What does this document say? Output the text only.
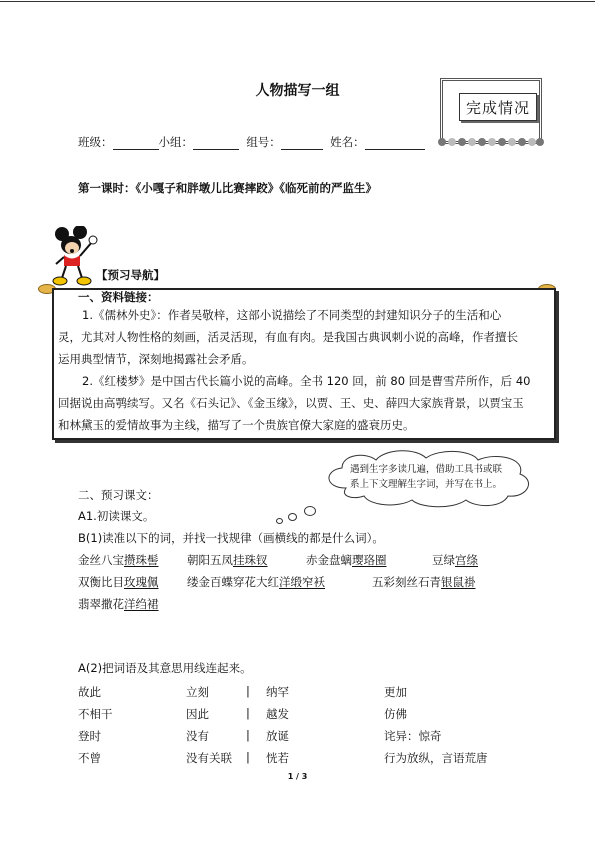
人物描写一组
完成情况
班级：	小组：	组号：	姓名：
第一课时：《小嘎子和胖墩儿比赛摔跤》《临死前的严监生》
【预习导航】

一、资料链接：

1.《儒林外史》：作者吴敬梓，这部小说描绘了不同类型的封建知识分子的生活和心

灵，尤其对人物性格的刻画，活灵活现，有血有肉。是我国古典讽刺小说的高峰，作者擅长

运用典型情节，深刻地揭露社会矛盾。

2.《红楼梦》是中国古代长篇小说的高峰。全书 120 回，前 80 回是曹雪芹所作，后 40

回据说由高鹗续写。又名《石头记》、《金玉缘》，以贾、王、史、薛四大家族背景，以贾宝玉

和林黛玉的爱情故事为主线，描写了一个贵族官僚大家庭的盛衰历史。

遇到生字多读几遍，借助工具书或联系上下文理解生字词，并写在书上。
二、预习课文：
A1.初读课文。
B(1)读准以下的词，并找一找规律（画横线的都是什么词）。
金丝八宝攒珠髻 朝阳五凤挂珠钗	赤金盘螭璎珞圈	豆绿宫绦
双衡比目玫瑰佩 缕金百蝶穿花大红洋缎窄袄	五彩刻丝石青银鼠褂
翡翠撒花洋绉裙
A(2)把词语及其意思用线连起来。
故此	立刻	| 纳罕	更加
不相干	因此	| 越发	仿佛
登时	没有	| 放诞	诧异：惊奇
不曾	没有关联 | 恍若	行为放纵，言语荒唐
1 / 3
